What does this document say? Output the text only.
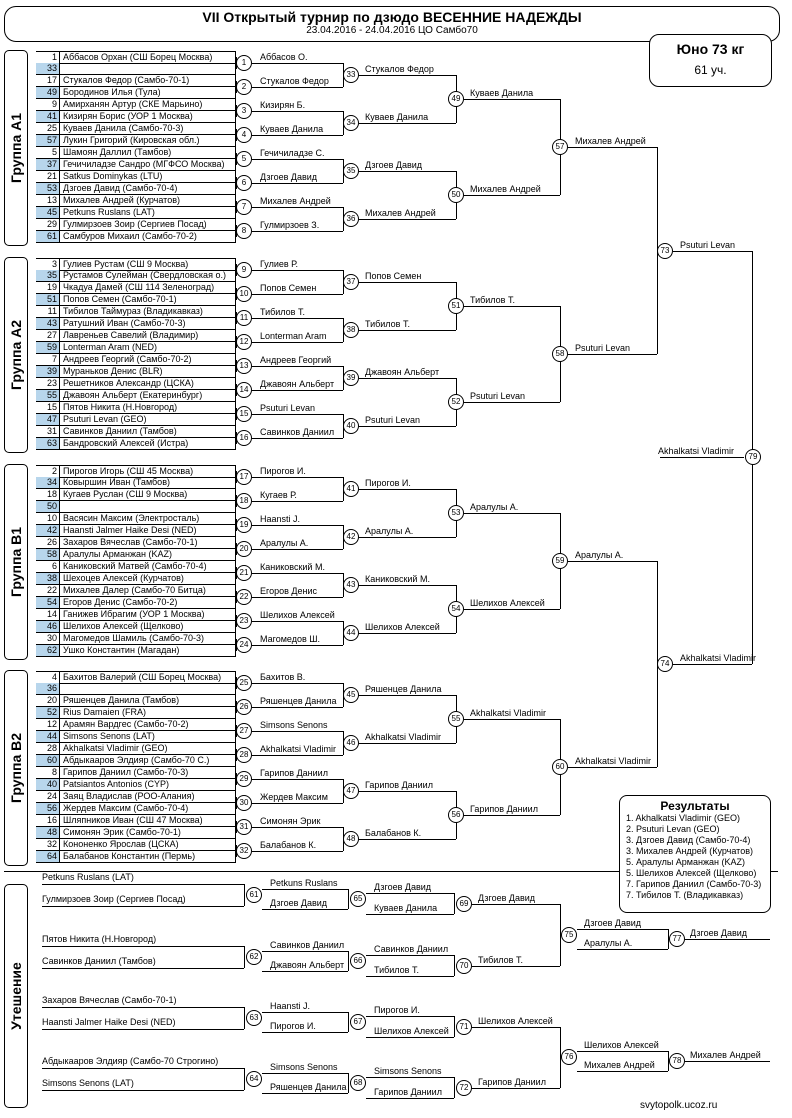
VII Открытый турнир по дзюдо ВЕСЕННИЕ НАДЕЖДЫ
23.04.2016 - 24.04.2016 ЦО Самбо70
Юно 73 кг
61 уч.
Группа А1
Группа А2
Группа В1
Группа В2
Утешение
Результаты
1. Akhalkatsi Vladimir (GEO)
2. Psuturi Levan (GEO)
3. Дзгоев Давид (Самбо-70-4)
3. Михалев Андрей (Курчатов)
5. Аралулы Арманжан (KAZ)
5. Шелихов Алексей (Щелково)
7. Гарипов Даниил (Самбо-70-3)
7. Тибилов Т. (Владикавказ)
svytopolk.ucoz.ru
1 Аббасов Орхан (СШ Борец Москва)
33
17 Стукалов Федор (Самбо-70-1)
49 Бородинов Илья (Тула)
9 Амирханян Артур (СКЕ Марьино)
41 Кизирян Борис (УОР 1 Москва)
25 Куваев Данила (Самбо-70-3)
57 Лукин Григорий (Кировская обл.)
5 Шамоян Даллил (Тамбов)
37 Гечичиладзе Сандро (МГФСО Москва)
21 Satkus Dominykas (LTU)
53 Дзгоев Давид (Самбо-70-4)
13 Михалев Андрей (Курчатов)
45 Petkuns Ruslans (LAT)
29 Гулмирзоев Зоир (Сергиев Посад)
61 Самбуров Михаил (Самбо-70-2)
3 Гулиев Рустам (СШ 9 Москва)
35 Рустамов Сулейман (Свердловская о.)
19 Чкадуа Дамей (СШ 114 Зеленоград)
51 Попов Семен (Самбо-70-1)
11 Тибилов Таймураз (Владикавказ)
43 Ратушний Иван (Самбо-70-3)
27 Лавреньев Савелий (Владимир)
59 Lonterman Aram (NED)
7 Андреев Георгий (Самбо-70-2)
39 Муранькoв Денис (BLR)
23 Решетников Александр (ЦСКА)
55 Джавоян Альберт (Екатеринбург)
15 Пятов Никита (Н.Новгород)
47 Psuturi Levan (GEO)
31 Савинков Даниил (Тамбов)
63 Бандровский Алексей (Истра)
2 Пирогов Игорь (СШ 45 Москва)
34 Ковыршин Иван (Тамбов)
18 Кугаев Руслан (СШ 9 Москва)
50
10 Васясин Максим (Электросталь)
42 Haansti Jalmer Haike Desi (NED)
26 Захаров Вячеслав (Самбо-70-1)
58 Аралулы Арманжан (KAZ)
6 Каниковский Матвей (Самбо-70-4)
38 Шехоцев Алексей (Курчатов)
22 Михалев Далер (Самбо-70 Битца)
54 Егоров Денис (Самбо-70-2)
14 Ганижев Ибрагим (УОР 1 Москва)
46 Шелихов Алексей (Щелково)
30 Магомедов Шамиль (Самбо-70-3)
62 Ушко Константин (Магадан)
4 Бахитов Валерий (СШ Борец Москва)
36
20 Ряшенцев Данила (Тамбов)
52 Rius Damaien (FRA)
12 Арамян Вардгес (Самбо-70-2)
44 Simsons Senons (LAT)
28 Akhalkatsi Vladimir (GEO)
60 Абдыкааров Элдияр (Самбо-70 С.)
8 Гарипов Даниил (Самбо-70-3)
40 Patsiantos Antonios (CYP)
24 Заяц Владислав (РОО-Алания)
56 Жердев Максим (Самбо-70-4)
16 Шляпников Иван (СШ 47 Москва)
48 Симонян Эрик (Самбо-70-1)
32 Кононенко Ярослав (ЦСКА)
64 Балабанов Константин (Пермь)
1
Аббасов О.
2
Стукалов Федор
3
Кизирян Б.
4
Куваев Данила
5
Гечичиладзе С.
6
Дзгоев Давид
7
Михалев Андрей
8
Гулмирзоев З.
9
Гулиев Р.
10
Попов Семен
11
Тибилов Т.
12
Lonterman Aram
13
Андреев Георгий
14
Джавоян Альберт
15
Psuturi Levan
16
Савинков Даниил
17
Пирогов И.
18
Кугаев Р.
19
Haansti J.
20
Аралулы А.
21
Каниковский М.
22
Егоров Денис
23
Шелихов Алексей
24
Магомедов Ш.
25
Бахитов В.
26
Ряшенцев Данила
27
Simsons Senons
28
Akhalkatsi Vladimir
29
Гарипов Даниил
30
Жердев Максим
31
Симонян Эрик
32
Балабанов К.
33
Стукалов Федор
34
Куваев Данила
35
Дзгоев Давид
36
Михалев Андрей
37
Попов Семен
38
Тибилов Т.
39
Джавоян Альберт
40
Psuturi Levan
41
Пирогов И.
42
Аралулы А.
43
Каниковский М.
44
Шелихов Алексей
45
Ряшенцев Данила
46
Akhalkatsi Vladimir
47
Гарипов Даниил
48
Балабанов К.
49
Куваев Данила
50
Михалев Андрей
51
Тибилов Т.
52
Psuturi Levan
53
Аралулы А.
54
Шелихов Алексей
55
Akhalkatsi Vladimir
56
Гарипов Даниил
57
Михалев Андрей
58
Psuturi Levan
59
Аралулы А.
60
Akhalkatsi Vladimir
73
Psuturi Levan
74
Akhalkatsi Vladimir
79
Akhalkatsi Vladimir
Petkuns Ruslans (LAT)
Гулмирзоев Зоир (Сергиев Посад)	61
Petkuns Ruslans
Дзгоев Давид	65
Дзгоев Давид
Куваев Данила	69
Дзгоев Давид
Пятов Никита (Н.Новгород)
Савинков Даниил (Тамбов)	62
Савинков Даниил
Джавоян Альберт	66
Савинков Даниил
Тибилов Т.	70
Тибилов Т.
Захаров Вячеслав (Самбо-70-1)
Haansti Jalmer Haike Desi (NED)	63
Haansti J.
Пирогов И.	67
Пирогов И.
Шелихов Алексей	71
Шелихов Алексей
Абдыкааров Элдияр (Самбо-70 Строгино)
Simsons Senons (LAT)	64
Simsons Senons
Ряшенцев Данила 68
Simsons Senons
Гарипов Даниил	72
Гарипов Даниил
75
Дзгоев Давид
Аралулы А.	77
Дзгоев Давид
76
Шелихов Алексей
Михалев Андрей	78
Михалев Андрей
